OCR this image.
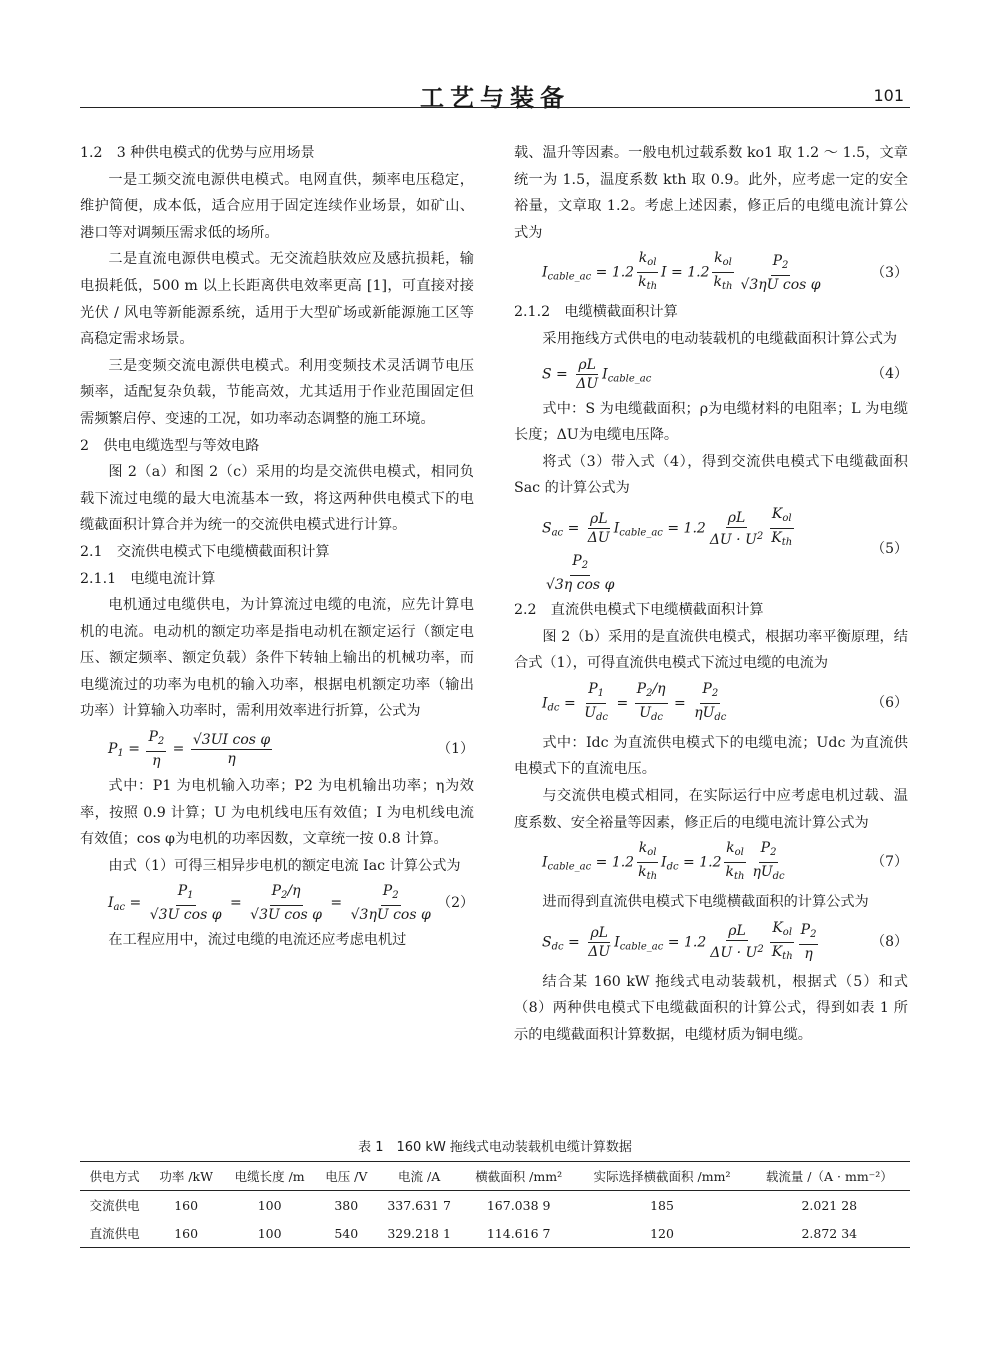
工艺与装备	101

1.2　3 种供电模式的优势与应用场景

一是工频交流电源供电模式。电网直供，频率电压稳定，维护简便，成本低，适合应用于固定连续作业场景，如矿山、港口等对调频压需求低的场所。

二是直流电源供电模式。无交流趋肤效应及感抗损耗，输电损耗低，500 m 以上长距离供电效率更高 [1]，可直接对接光伏 / 风电等新能源系统，适用于大型矿场或新能源施工区等高稳定需求场景。

三是变频交流电源供电模式。利用变频技术灵活调节电压频率，适配复杂负载，节能高效，尤其适用于作业范围固定但需频繁启停、变速的工况，如功率动态调整的施工环境。

2　供电电缆选型与等效电路

图 2（a）和图 2（c）采用的均是交流供电模式，相同负载下流过电缆的最大电流基本一致，将这两种供电模式下的电缆截面积计算合并为统一的交流供电模式进行计算。

2.1　交流供电模式下电缆横截面积计算

2.1.1　电缆电流计算

电机通过电缆供电，为计算流过电缆的电流，应先计算电机的电流。电动机的额定功率是指电动机在额定运行（额定电压、额定频率、额定负载）条件下转轴上输出的机械功率，而电缆流过的功率为电机的输入功率，根据电机额定功率（输出功率）计算输入功率时，需利用效率进行折算，公式为

$P_1 = \frac{P_2}{\eta} = \frac{\text{√3UI cos φ}}{\eta}$	（1）

式中：P1 为电机输入功率；P2 为电机输出功率；η为效率，按照 0.9 计算；U 为电机线电压有效值；I 为电机线电流有效值；cos φ为电机的功率因数，文章统一按 0.8 计算。

由式（1）可得三相异步电机的额定电流 Iac 计算公式为

$I_{ac} = \frac{P_1}{\text{√3U cos φ}} = \frac{P_2/\eta}{\text{√3U cos φ}} = \frac{P_2}{\text{√3ηU cos φ}} (2)$

在工程应用中，流过电缆的电流还应考虑电机过

载、温升等因素。一般电机过载系数 ko1 取 1.2 ～ 1.5，文章统一为 1.5，温度系数 kth 取 0.9。此外，应考虑一定的安全裕量，文章取 1.2。考虑上述因素，修正后的电缆电流计算公式为

$I_{cable\_ac} = 1.2 \frac{k_{ol}}{k_{th}}$ $I = 1.2 \frac{k_{ol}}{k_{th}} \frac{P_2}{\text{√3ηU cos φ}}$	（3）

2.1.2　电缆横截面积计算

采用拖线方式供电的电动装载机的电缆截面积计算公式为

$S = \frac{\rho L}{\Delta U} I_{cable\_ac}$	（4）

式中：S 为电缆截面积；ρ为电缆材料的电阻率；L 为电缆长度；ΔU为电缆电压降。

将式（3）带入式（4），得到交流供电模式下电缆截面积 Sac 的计算公式为

$S_{ac} = \frac{\rho L}{\Delta U} I_{cable\_ac} = 1.2 \frac{\rho L}{\Delta U \cdot U^2} \frac{K_{ol}}{K_{th}}$
$\frac{P_2}{\text{√3η cos φ}}$
（5）

2.2　直流供电模式下电缆横截面积计算

图 2（b）采用的是直流供电模式，根据功率平衡原理，结合式（1），可得直流供电模式下流过电缆的电流为

$I_{dc} = \frac{P_1}{U_{dc}} = \frac{P_2/\eta}{U_{dc}} = \frac{P_2}{\eta U_{dc}}$	（6）

式中：Idc 为直流供电模式下的电缆电流；Udc 为直流供电模式下的直流电压。

与交流供电模式相同，在实际运行中应考虑电机过载、温度系数、安全裕量等因素，修正后的电缆电流计算公式为

$I_{cable\_ac} = 1.2 \frac{k_{ol}}{k_{th}} I_{dc} = 1.2 \frac{k_{ol}}{k_{th}} \frac{P_2}{\eta U_{dc}}$	（7）

进而得到直流供电模式下电缆横截面积的计算公式为

$S_{dc} = \frac{\rho L}{\Delta U} I_{cable\_ac} = 1.2 \frac{\rho L}{\Delta U \cdot U^2} \frac{K_{ol}}{K_{th}} \frac{P_2}{\eta}$	（8）

结合某 160 kW 拖线式电动装载机，根据式（5）和式（8）两种供电模式下电缆截面积的计算公式，得到如表 1 所示的电缆截面积计算数据，电缆材质为铜电缆。

表 1　160 kW 拖线式电动装载机电缆计算数据
供电方式	功率 /kW	电缆长度 /m	电压 /V	电流 /A	横截面积 /mm²	实际选择横截面积 /mm²	载流量 /（A · mm⁻²）
交流供电	160	100	380	337.631 7	167.038 9	185	2.021 28
直流供电	160	100	540	329.218 1	114.616 7	120	2.872 34
